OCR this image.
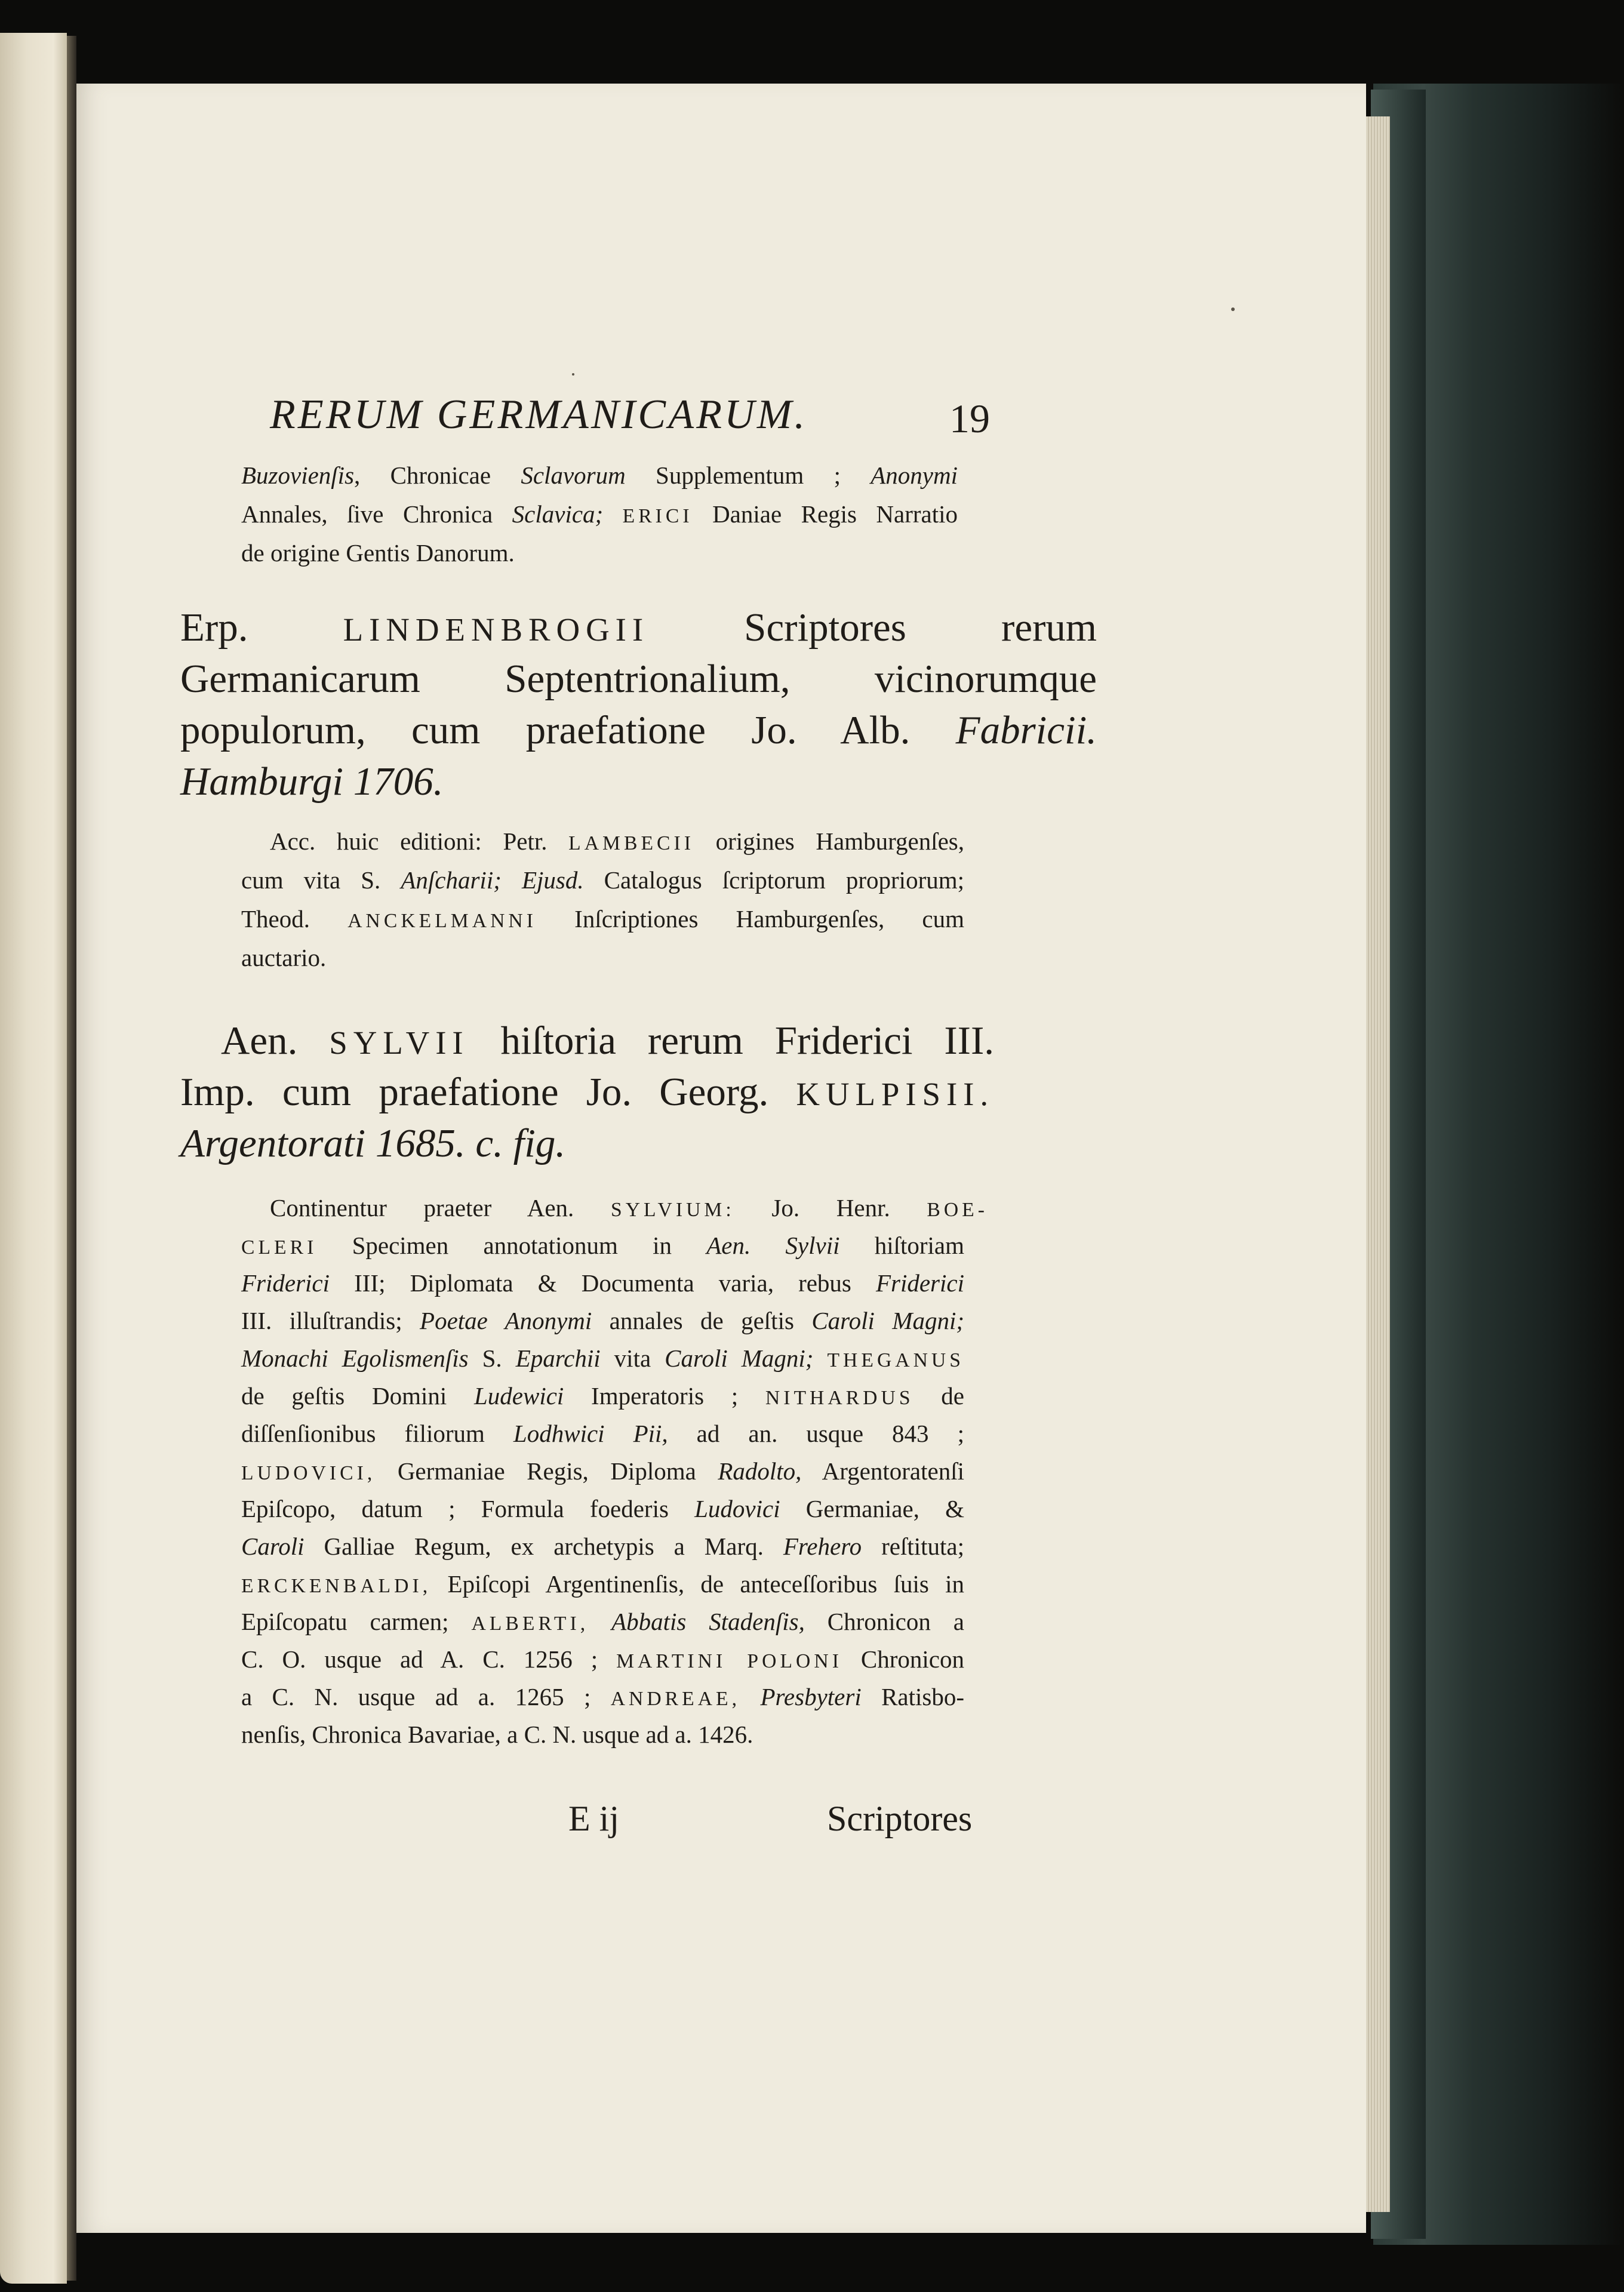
RERUM GERMANICARUM.	19
Buzovienſis, Chronicae Sclavorum Supplementum ; Anonymi
Annales, ſive Chronica Sclavica; ERICI Daniae Regis Narratio
de origine Gentis Danorum.
Erp. LINDENBROGII Scriptores rerum
Germanicarum Septentrionalium, vicinorumque
populorum, cum praefatione Jo. Alb. Fabricii.
Hamburgi 1706.
Acc. huic editioni: Petr. LAMBECII origines Hamburgenſes,
cum vita S. Anſcharii; Ejusd. Catalogus ſcriptorum propriorum;
Theod. ANCKELMANNI Inſcriptiones Hamburgenſes, cum
auctario.
Aen. SYLVII hiſtoria rerum Friderici III.
Imp. cum praefatione Jo. Georg. KULPISII.
Argentorati 1685. c. fig.
Continentur praeter Aen. SYLVIUM: Jo. Henr. BOE-
CLERI Specimen annotationum in Aen. Sylvii hiſtoriam
Friderici III; Diplomata & Documenta varia, rebus Friderici
III. illuſtrandis; Poetae Anonymi annales de geſtis Caroli Magni;
Monachi Egolismenſis S. Eparchii vita Caroli Magni; THEGANUS
de geſtis Domini Ludewici Imperatoris ; NITHARDUS de
diſſenſionibus filiorum Lodhwici Pii, ad an. usque 843 ;
LUDOVICI, Germaniae Regis, Diploma Radolto, Argentoratenſi
Epiſcopo, datum ; Formula foederis Ludovici Germaniae, &
Caroli Galliae Regum, ex archetypis a Marq. Frehero reſtituta;
ERCKENBALDI, Epiſcopi Argentinenſis, de anteceſſoribus ſuis in
Epiſcopatu carmen; ALBERTI, Abbatis Stadenſis, Chronicon a
C. O. usque ad A. C. 1256 ; MARTINI POLONI Chronicon
a C. N. usque ad a. 1265 ; ANDREAE, Presbyteri Ratisbo-
nenſis, Chronica Bavariae, a C. N. usque ad a. 1426.
E ij	Scriptores
